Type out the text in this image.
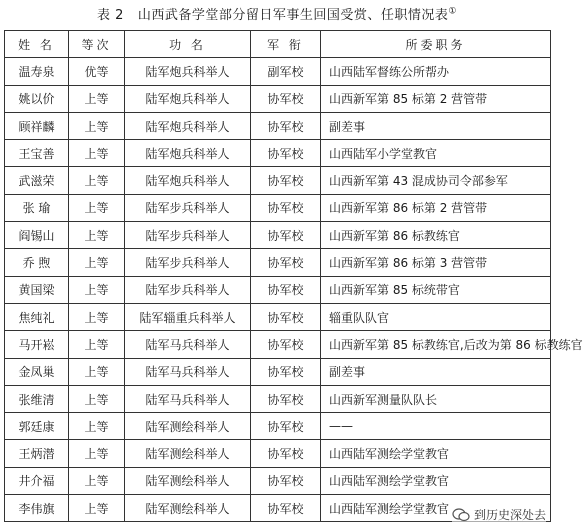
表 2 山西武备学堂部分留日军事生回国受赏、任职情况表①
姓 名	等次	功 名	军 衔	所委职务
温寿泉	优等	陆军炮兵科举人	副军校	山西陆军督练公所帮办
姚以价	上等	陆军炮兵科举人	协军校	山西新军第 85 标第 2 营管带
顾祥麟	上等	陆军炮兵科举人	协军校	副差事
王宝善	上等	陆军炮兵科举人	协军校	山西陆军小学堂教官
武滋荣	上等	陆军炮兵科举人	协军校	山西新军第 43 混成协司令部参军
张 瑜	上等	陆军步兵科举人	协军校	山西新军第 86 标第 2 营管带
阎锡山	上等	陆军步兵科举人	协军校	山西新军第 86 标教练官
乔 煦	上等	陆军步兵科举人	协军校	山西新军第 86 标第 3 营管带
黄国梁	上等	陆军步兵科举人	协军校	山西新军第 85 标统带官
焦纯礼	上等	陆军辎重兵科举人	协军校	辎重队队官
马开崧	上等	陆军马兵科举人	协军校	山西新军第 85 标教练官,后改为第 86 标教练官
金凤巢	上等	陆军马兵科举人	协军校	副差事
张维清	上等	陆军马兵科举人	协军校	山西新军测量队队长
郭廷康	上等	陆军测绘科举人	协军校	——
王炳潜	上等	陆军测绘科举人	协军校	山西陆军测绘学堂教官
井介福	上等	陆军测绘科举人	协军校	山西陆军测绘学堂教官
李伟旗	上等	陆军测绘科举人	协军校	山西陆军测绘学堂教官 到历史深处去
